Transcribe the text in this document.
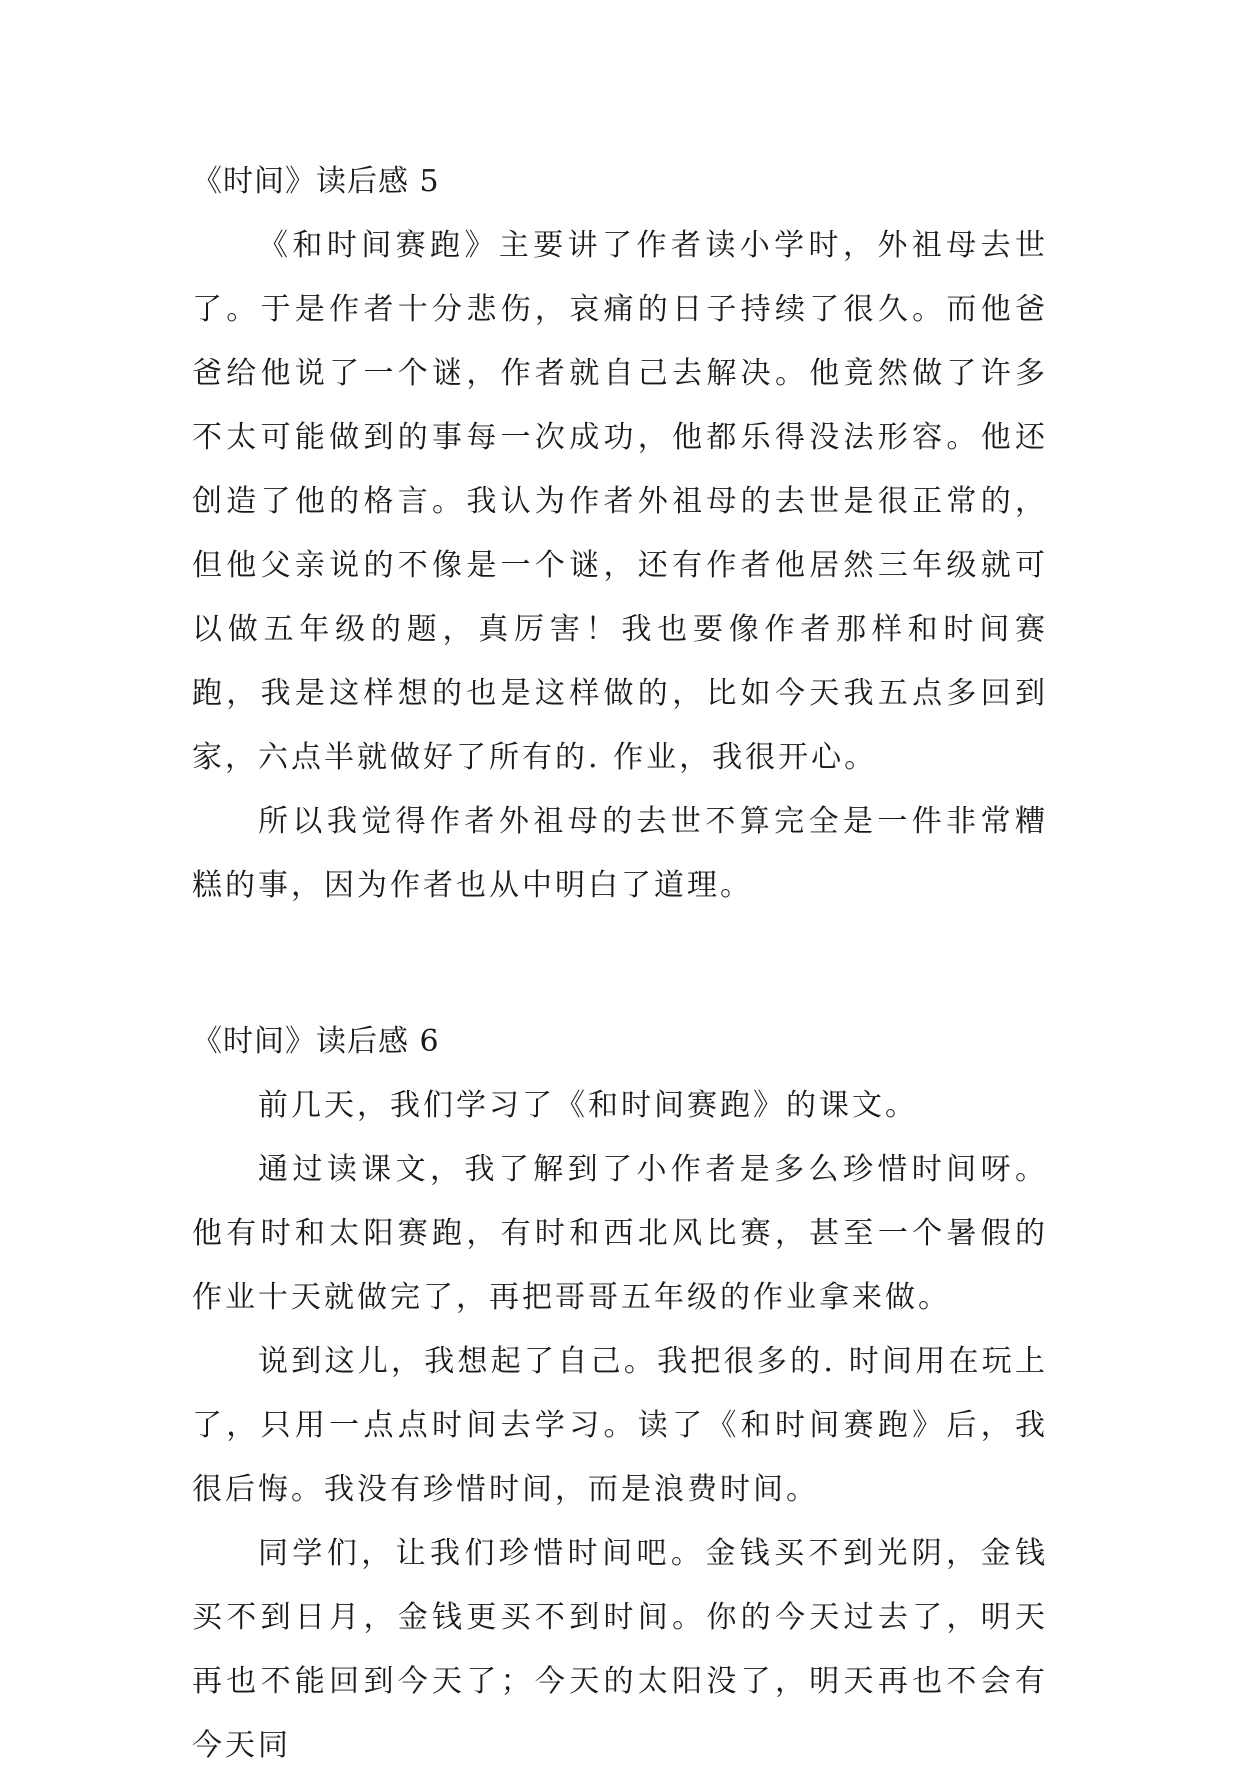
《时间》读后感 5

《和时间赛跑》主要讲了作者读小学时，外祖母去世了。于是作者十分悲伤，哀痛的日子持续了很久。而他爸爸给他说了一个谜，作者就自己去解决。他竟然做了许多不太可能做到的事每一次成功，他都乐得没法形容。他还创造了他的格言。我认为作者外祖母的去世是很正常的，但他父亲说的不像是一个谜，还有作者他居然三年级就可以做五年级的题，真厉害！我也要像作者那样和时间赛跑，我是这样想的也是这样做的，比如今天我五点多回到家，六点半就做好了所有的. 作业，我很开心。

所以我觉得作者外祖母的去世不算完全是一件非常糟糕的事，因为作者也从中明白了道理。

《时间》读后感 6

前几天，我们学习了《和时间赛跑》的课文。

通过读课文，我了解到了小作者是多么珍惜时间呀。他有时和太阳赛跑，有时和西北风比赛，甚至一个暑假的作业十天就做完了，再把哥哥五年级的作业拿来做。

说到这儿，我想起了自己。我把很多的. 时间用在玩上了，只用一点点时间去学习。读了《和时间赛跑》后，我很后悔。我没有珍惜时间，而是浪费时间。

同学们，让我们珍惜时间吧。金钱买不到光阴，金钱买不到日月，金钱更买不到时间。你的今天过去了，明天再也不能回到今天了；今天的太阳没了，明天再也不会有今天同
